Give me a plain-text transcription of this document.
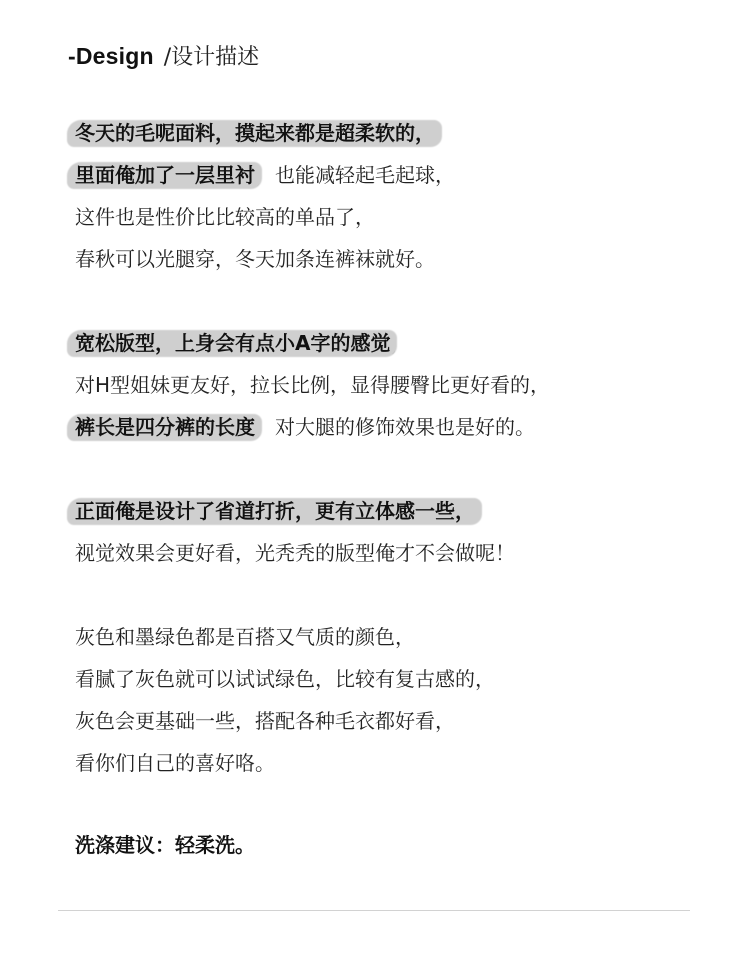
-Design /设计描述
冬天的毛呢面料，摸起来都是超柔软的，
里面俺加了一层里衬，也能减轻起毛起球，
这件也是性价比比较高的单品了，
春秋可以光腿穿，冬天加条连裤袜就好。
宽松版型，上身会有点小A字的感觉，
对H型姐妹更友好，拉长比例，显得腰臀比更好看的，
裤长是四分裤的长度，对大腿的修饰效果也是好的。
正面俺是设计了省道打折，更有立体感一些，
视觉效果会更好看，光秃秃的版型俺才不会做呢！
灰色和墨绿色都是百搭又气质的颜色，
看腻了灰色就可以试试绿色，比较有复古感的，
灰色会更基础一些，搭配各种毛衣都好看，
看你们自己的喜好咯。
洗涤建议：轻柔洗。
